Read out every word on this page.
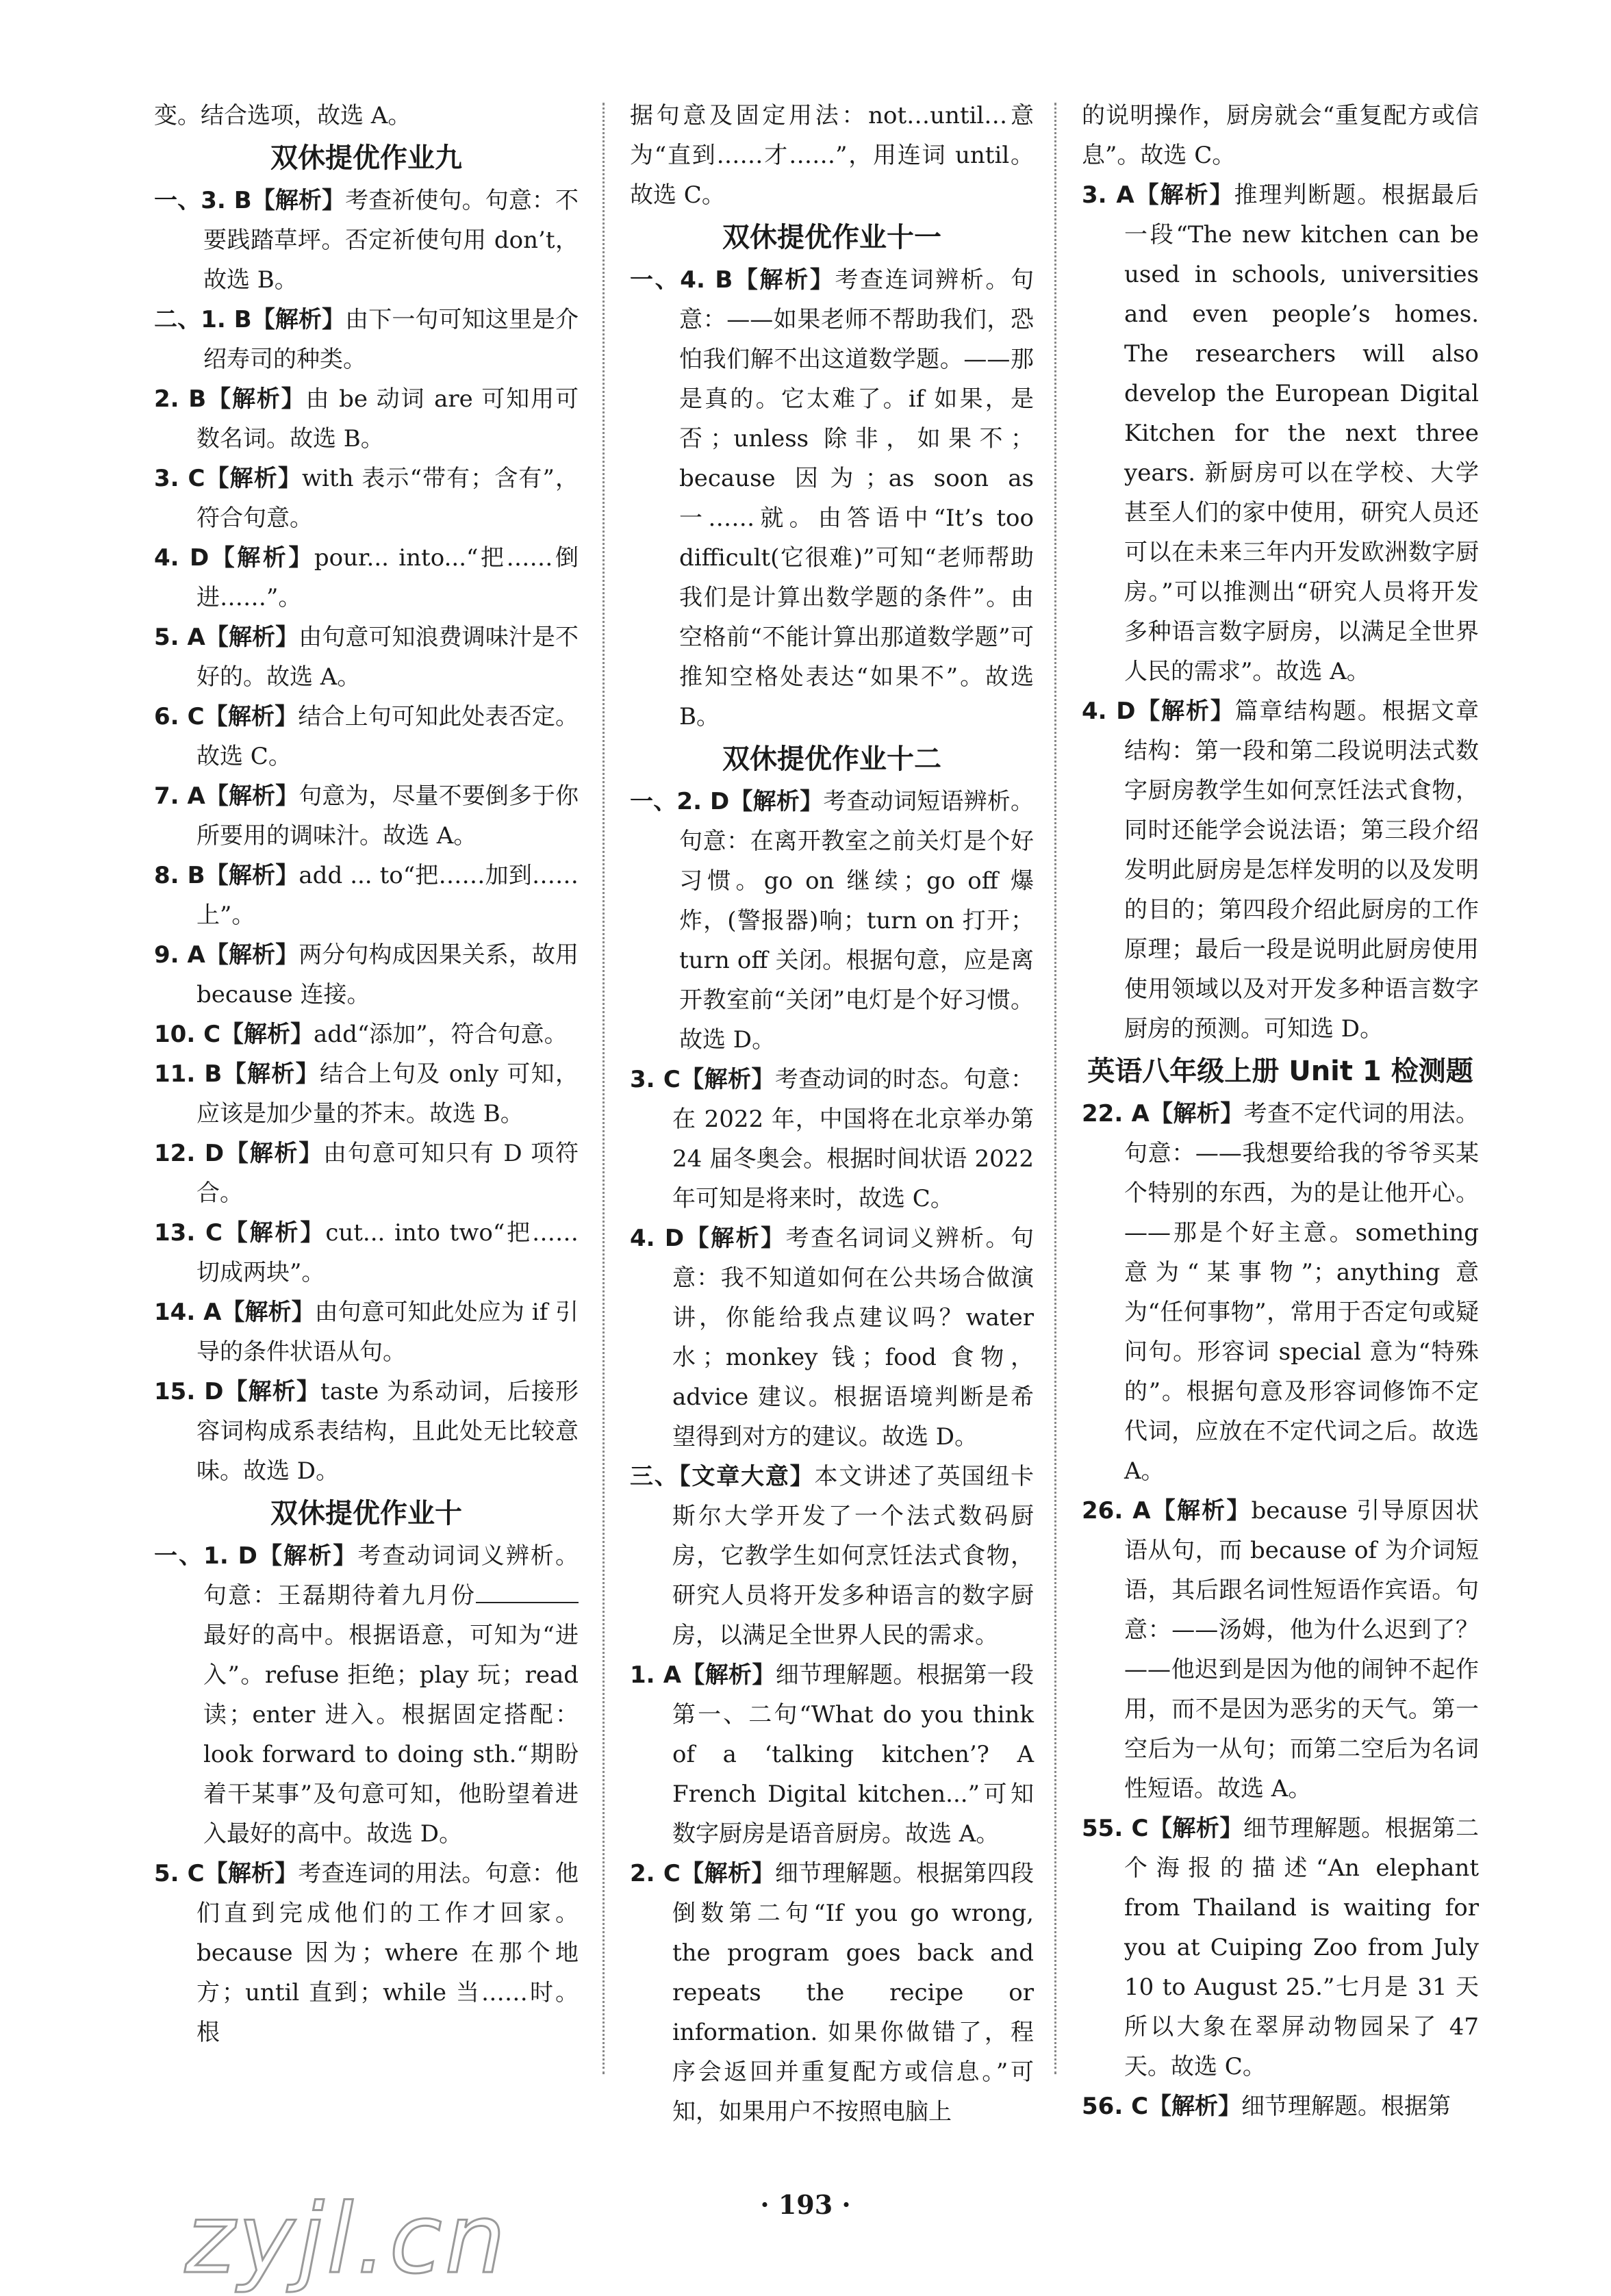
变。结合选项，故选 A。

双休提优作业九

一、3. B【解析】考查祈使句。句意：不要践踏草坪。否定祈使句用 don’t，故选 B。

二、1. B【解析】由下一句可知这里是介绍寿司的种类。

2. B【解析】由 be 动词 are 可知用可数名词。故选 B。

3. C【解析】with 表示“带有；含有”，符合句意。

4. D【解析】pour... into...“把……倒进……”。

5. A【解析】由句意可知浪费调味汁是不好的。故选 A。

6. C【解析】结合上句可知此处表否定。故选 C。

7. A【解析】句意为，尽量不要倒多于你所要用的调味汁。故选 A。

8. B【解析】add ... to“把……加到……上”。

9. A【解析】两分句构成因果关系，故用 because 连接。

10. C【解析】add“添加”，符合句意。

11. B【解析】结合上句及 only 可知，应该是加少量的芥末。故选 B。

12. D【解析】由句意可知只有 D 项符合。

13. C【解析】cut... into two“把……切成两块”。

14. A【解析】由句意可知此处应为 if 引导的条件状语从句。

15. D【解析】taste 为系动词，后接形容词构成系表结构，且此处无比较意味。故选 D。

双休提优作业十

一、1. D【解析】考查动词词义辨析。句意：王磊期待着九月份最好的高中。根据语意，可知为“进入”。refuse 拒绝；play 玩；read 读；enter 进入。根据固定搭配：look forward to doing sth.“期盼着干某事”及句意可知，他盼望着进入最好的高中。故选 D。

5. C【解析】考查连词的用法。句意：他们直到完成他们的工作才回家。because 因为；where 在那个地方；until 直到；while 当……时。根

据句意及固定用法：not…until…意为“直到……才……”，用连词 until。故选 C。

双休提优作业十一

一、4. B【解析】考查连词辨析。句意：——如果老师不帮助我们，恐怕我们解不出这道数学题。——那是真的。它太难了。if 如果，是否；unless 除非，如果不；because 因为；as soon as 一……就。由答语中“It’s too difficult(它很难)”可知“老师帮助我们是计算出数学题的条件”。由空格前“不能计算出那道数学题”可推知空格处表达“如果不”。故选 B。

双休提优作业十二

一、2. D【解析】考查动词短语辨析。句意：在离开教室之前关灯是个好习惯。go on 继续；go off 爆炸，(警报器)响；turn on 打开；turn off 关闭。根据句意，应是离开教室前“关闭”电灯是个好习惯。故选 D。

3. C【解析】考查动词的时态。句意：在 2022 年，中国将在北京举办第 24 届冬奥会。根据时间状语 2022 年可知是将来时，故选 C。

4. D【解析】考查名词词义辨析。句意：我不知道如何在公共场合做演讲，你能给我点建议吗？water 水；monkey 钱；food 食物，advice 建议。根据语境判断是希望得到对方的建议。故选 D。

三、【文章大意】本文讲述了英国纽卡斯尔大学开发了一个法式数码厨房，它教学生如何烹饪法式食物，研究人员将开发多种语言的数字厨房，以满足全世界人民的需求。

1. A【解析】细节理解题。根据第一段第一、二句“What do you think of a ‘talking kitchen’? A French Digital kitchen...”可知数字厨房是语音厨房。故选 A。

2. C【解析】细节理解题。根据第四段倒数第二句“If you go wrong, the program goes back and repeats the recipe or information. 如果你做错了，程序会返回并重复配方或信息。”可知，如果用户不按照电脑上

的说明操作，厨房就会“重复配方或信息”。故选 C。

3. A【解析】推理判断题。根据最后一段“The new kitchen can be used in schools, universities and even people’s homes. The researchers will also develop the European Digital Kitchen for the next three years. 新厨房可以在学校、大学甚至人们的家中使用，研究人员还可以在未来三年内开发欧洲数字厨房。”可以推测出“研究人员将开发多种语言数字厨房，以满足全世界人民的需求”。故选 A。

4. D【解析】篇章结构题。根据文章结构：第一段和第二段说明法式数字厨房教学生如何烹饪法式食物，同时还能学会说法语；第三段介绍发明此厨房是怎样发明的以及发明的目的；第四段介绍此厨房的工作原理；最后一段是说明此厨房使用使用领域以及对开发多种语言数字厨房的预测。可知选 D。

英语八年级上册 Unit 1 检测题

22. A【解析】考查不定代词的用法。句意：——我想要给我的爷爷买某个特别的东西，为的是让他开心。——那是个好主意。something 意为“某事物”；anything 意为“任何事物”，常用于否定句或疑问句。形容词 special 意为“特殊的”。根据句意及形容词修饰不定代词，应放在不定代词之后。故选 A。

26. A【解析】because 引导原因状语从句，而 because of 为介词短语，其后跟名词性短语作宾语。句意：——汤姆，他为什么迟到了？——他迟到是因为他的闹钟不起作用，而不是因为恶劣的天气。第一空后为一从句；而第二空后为名词性短语。故选 A。

55. C【解析】细节理解题。根据第二个海报的描述“An elephant from Thailand is waiting for you at Cuiping Zoo from July 10 to August 25.”七月是 31 天所以大象在翠屏动物园呆了 47 天。故选 C。

56. C【解析】细节理解题。根据第

· 193 ·
zyjl.cn
